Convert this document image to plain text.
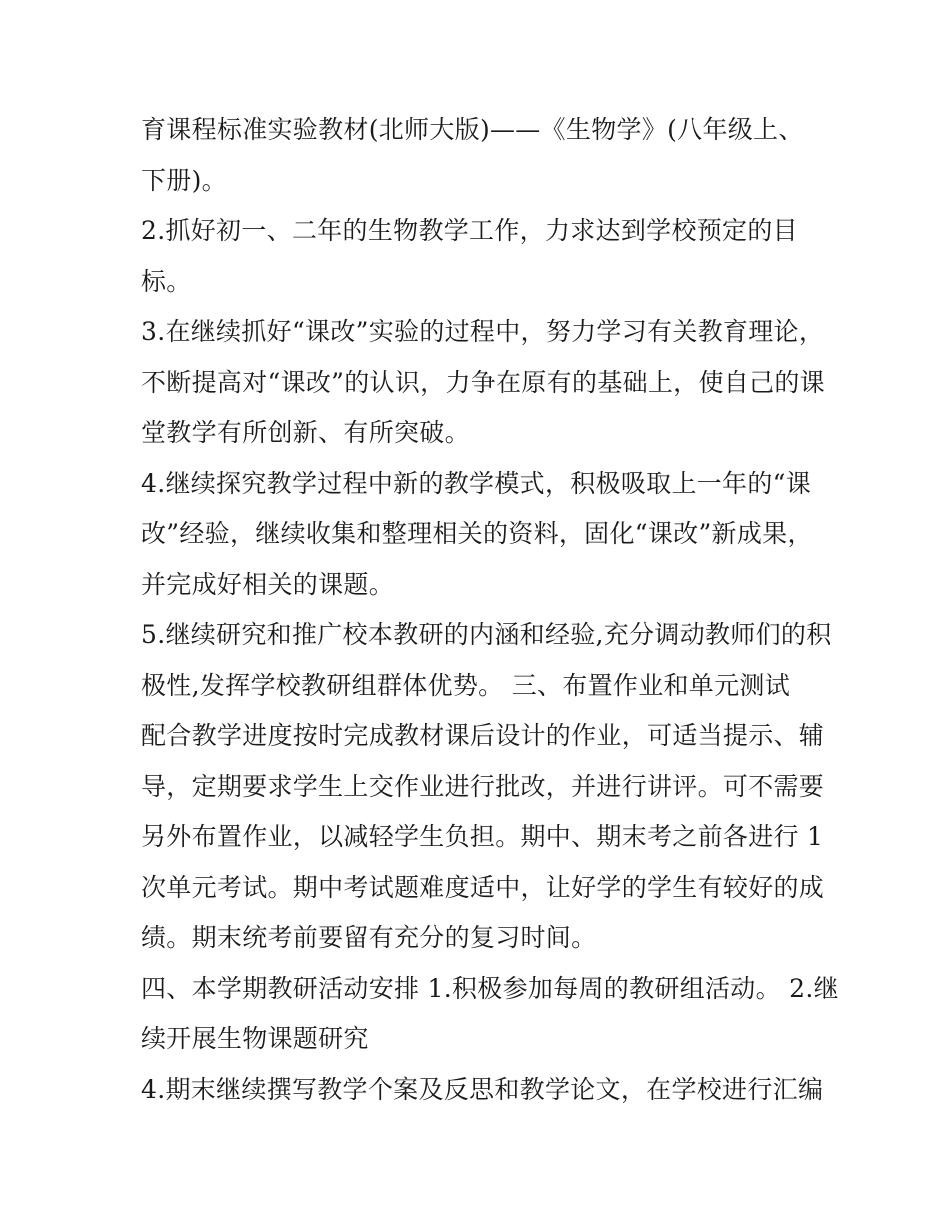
育课程标准实验教材(北师大版)——《生物学》(八年级上、
下册)。
2.抓好初一、二年的生物教学工作，力求达到学校预定的目
标。
3.在继续抓好“课改”实验的过程中，努力学习有关教育理论，
不断提高对“课改”的认识，力争在原有的基础上，使自己的课
堂教学有所创新、有所突破。
4.继续探究教学过程中新的教学模式，积极吸取上一年的“课
改”经验，继续收集和整理相关的资料，固化“课改”新成果，
并完成好相关的课题。
5.继续研究和推广校本教研的内涵和经验,充分调动教师们的积
极性,发挥学校教研组群体优势。 三、布置作业和单元测试
配合教学进度按时完成教材课后设计的作业，可适当提示、辅
导，定期要求学生上交作业进行批改，并进行讲评。可不需要
另外布置作业，以减轻学生负担。期中、期末考之前各进行 1
次单元考试。期中考试题难度适中，让好学的学生有较好的成
绩。期末统考前要留有充分的复习时间。
四、本学期教研活动安排 1.积极参加每周的教研组活动。 2.继
续开展生物课题研究
4.期末继续撰写教学个案及反思和教学论文，在学校进行汇编
